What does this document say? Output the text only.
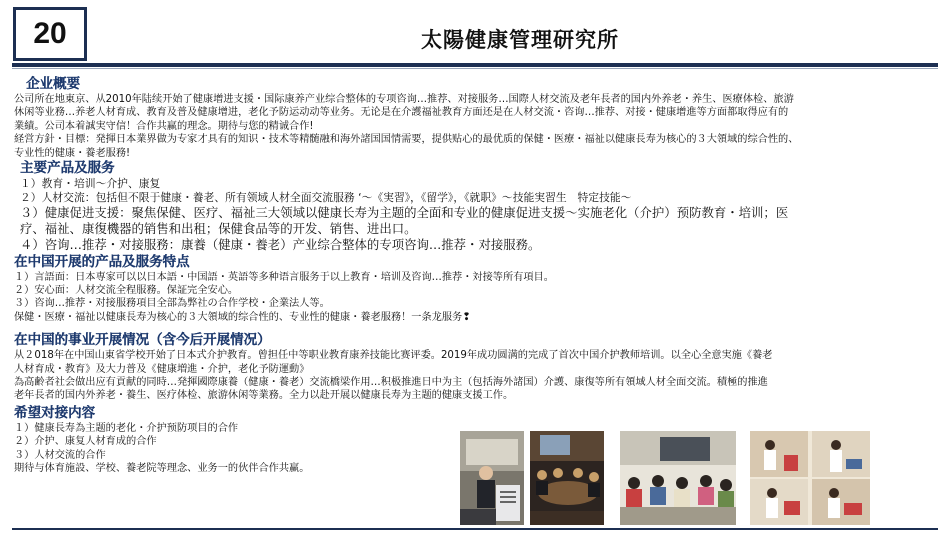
20	太陽健康管理研究所
企业概要
公司所在地東京、从2010年陆续开始了健康增进支援・国际康养产业综合整体的专项咨询…推荐、对接服务…国際人材交流及老年長者的国内外养老・养生、医療体检、旅游
休闲等业務…养老人材育成、教育及普及健康增进，老化予防运动动等业务。无论是在介護福祉教育方面还是在人材交流・咨询…推荐、对接・健康增進等方面都取得应有的
業績。公司本着誠実守信！合作共赢的理念。期待与您的精诚合作!
経営方針・目標：発揮日本業界做为专家才具有的知识・技术等精髄融和海外諸国国情需要，提供贴心的最优质的保健・医療・福祉以健康長寿为核心的３大領域的综合性的、
专业性的健康・養老服務!
主要产品及服务
１）教育・培训～介护、康复
２）人材交流：包括但不限于健康・養老、所有领域人材全面交流服務 ‘～《実習》，《留学》，《就职》～技能実習生　特定技能～
３）健康促进支援：聚焦保健、医疗、福祉三大领域以健康长寿为主题的全面和专业的健康促进支援～实施老化（介护）预防教育・培训；医
疗、福祉、康復機器的销售和出租；保健食品等的开发、销售、进出口。
４）咨询…推荐・对接服務：康養（健康・養老）产业综合整体的专项咨询…推荐・对接服務。
在中国开展的产品及服务特点
１）言語面：日本専家可以以日本語・中国語・英語等多种语言服务于以上教育・培训及咨询…推荐・対接等所有項目。
２）安心面：人材交流全程服務。保証完全安心。
３）咨询…推荐・对接服務項目全部為弊社の合作学校・企業法人等。
保健・医療・福祉以健康長寿为核心的３大領域的综合性的、专业性的健康・養老服務！一条龙服务❢
在中国的事业开展情况（含今后开展情况）
从２018年在中国山東省学校开始了日本式介护教育。曾担任中等职业教育康养技能比赛评委。2019年成功圆满的完成了首次中国介护教师培训。以全心全意実施《養老
人材育成・教育》及大力普及《健康増進・介护，老化予防運動》
為高齢者社会做出应有貢献的同時…発揮國際康養（健康・養老）交流橋梁作用…积极推進日中为主（包括海外諸国）介護、康復等所有領域人材全面交流。積極的推進
老年長者的国内外养老・養生、医疗体检、旅游休闲等業務。全力以赴开展以健康長寿为主题的健康支援工作。
希望对接内容
１）健康長寿為主题的老化・介护预防项目的合作
２）介护、康复人材育成的合作
３）人材交流的合作
期待与体育施設、学校、養老院等理念、业务一的伙伴合作共赢。
